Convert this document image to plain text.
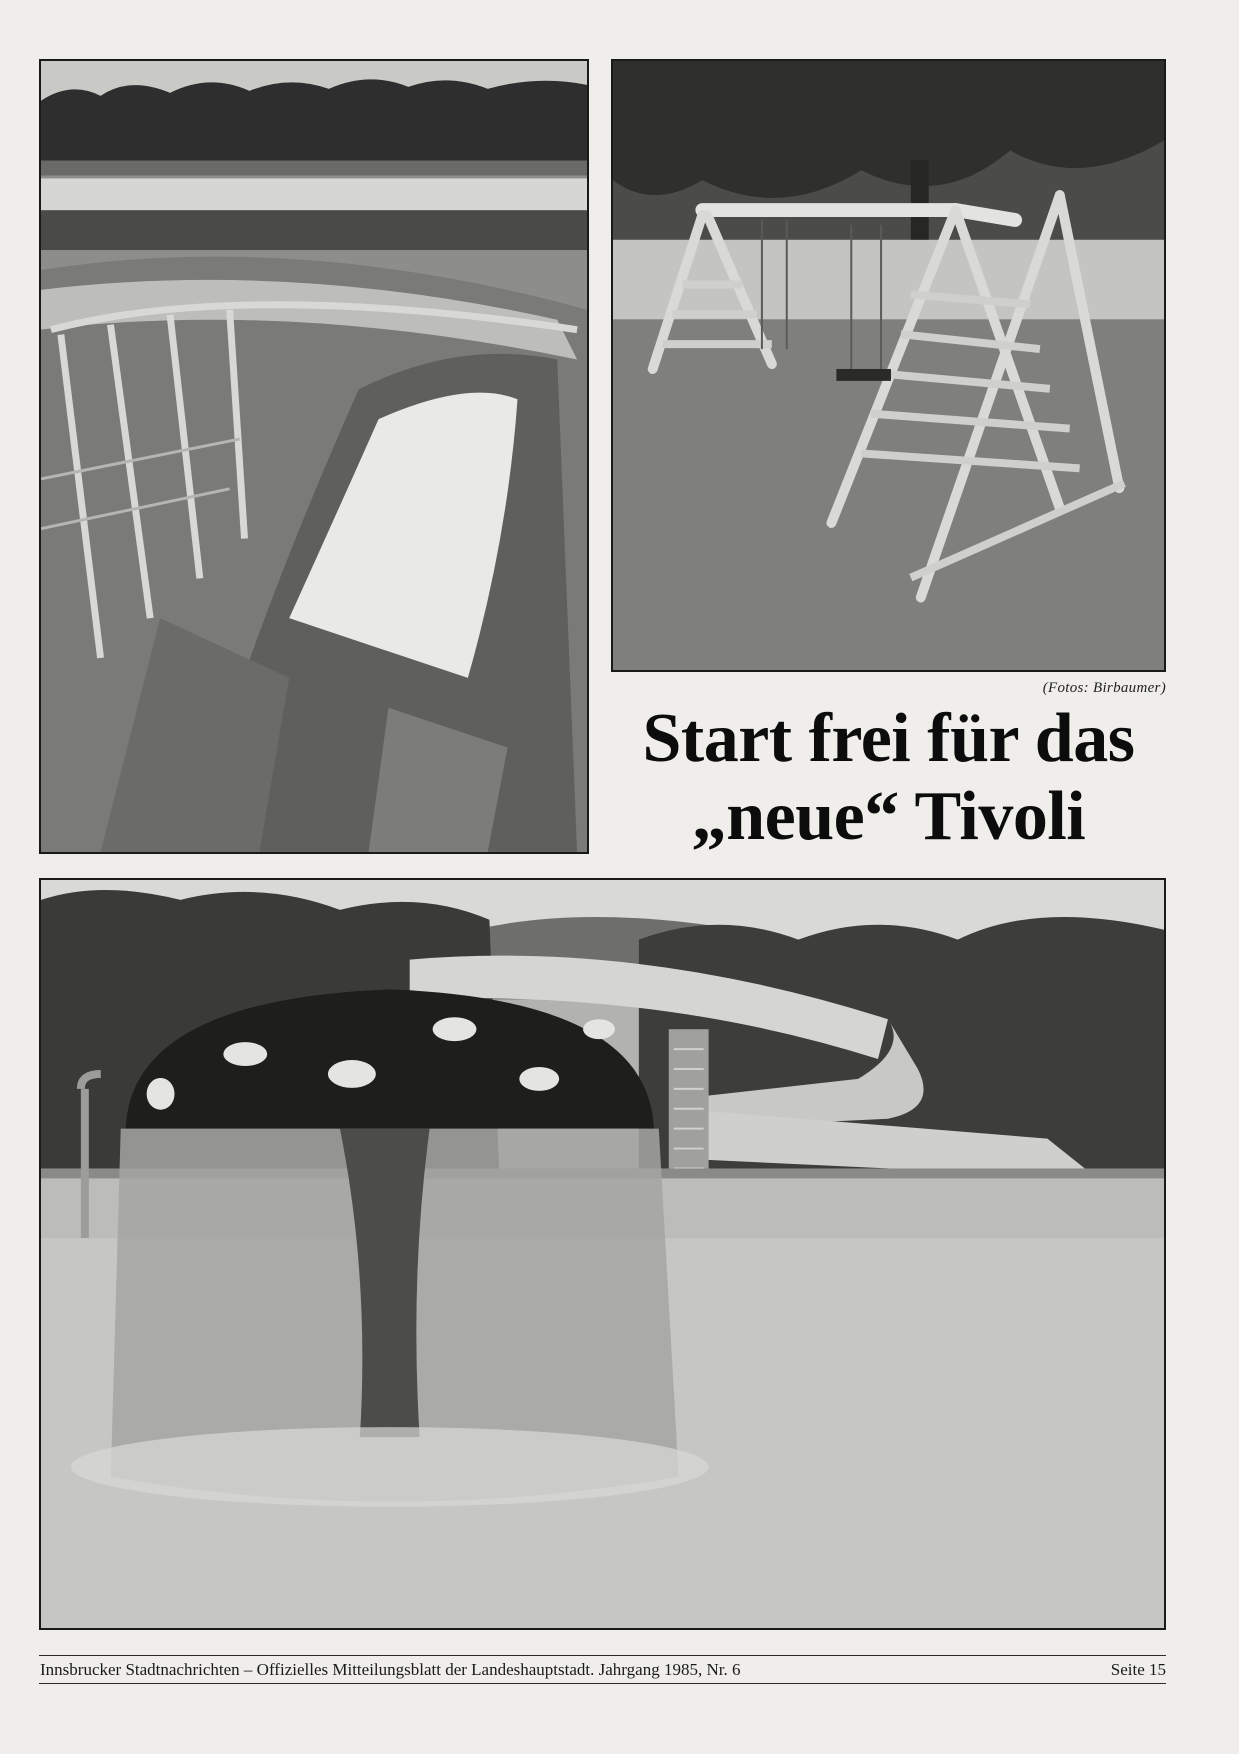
(Fotos: Birbaumer)
Start frei für das
„neue“ Tivoli
Innsbrucker Stadtnachrichten – Offizielles Mitteilungsblatt der Landeshauptstadt. Jahrgang 1985, Nr. 6	Seite 15
